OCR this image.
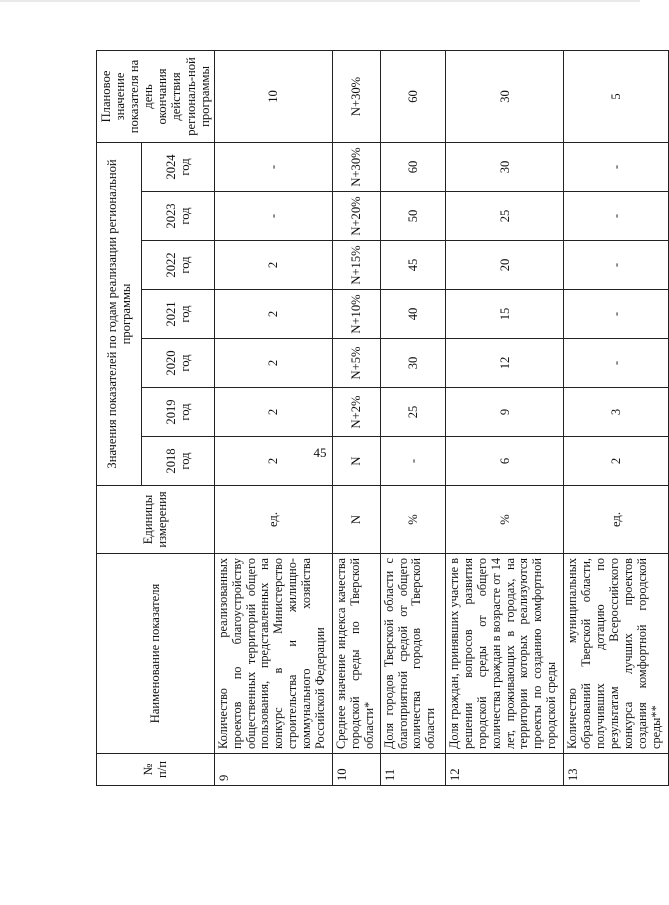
45
№
п/п	Наименование показателя	Единицы измерения	Значения показателей по годам реализации региональной программы							Плановое значение показателя на день окончания действия региональ-ной программы
			2018 год	2019 год	2020 год	2021 год	2022 год	2023 год	2024 год	
9	Количество реализованных проектов по благоустройству общественных территорий общего пользования, представленных на конкурс в Министерство строительства и жилищно-коммунального хозяйства Российской Федерации	ед.	2	2	2	2	2	-	-	10
10	Среднее значение индекса качества городской среды по Тверской области*	N	N	N+2%	N+5%	N+10%	N+15%	N+20%	N+30%	N+30%
11	Доля городов Тверской области с благоприятной средой от общего количества городов Тверской области	%	-	25	30	40	45	50	60	60
12	Доля граждан, принявших участие в решении вопросов развития городской среды от общего количества граждан в возрасте от 14 лет, проживающих в городах, на территории которых реализуются проекты по созданию комфортной городской среды	%	6	9	12	15	20	25	30	30
13	Количество муниципальных образований Тверской области, получивших дотацию по результатам Всероссийского конкурса лучших проектов создания комфортной городской среды**	ед.	2	3	-	-	-	-	-	5
